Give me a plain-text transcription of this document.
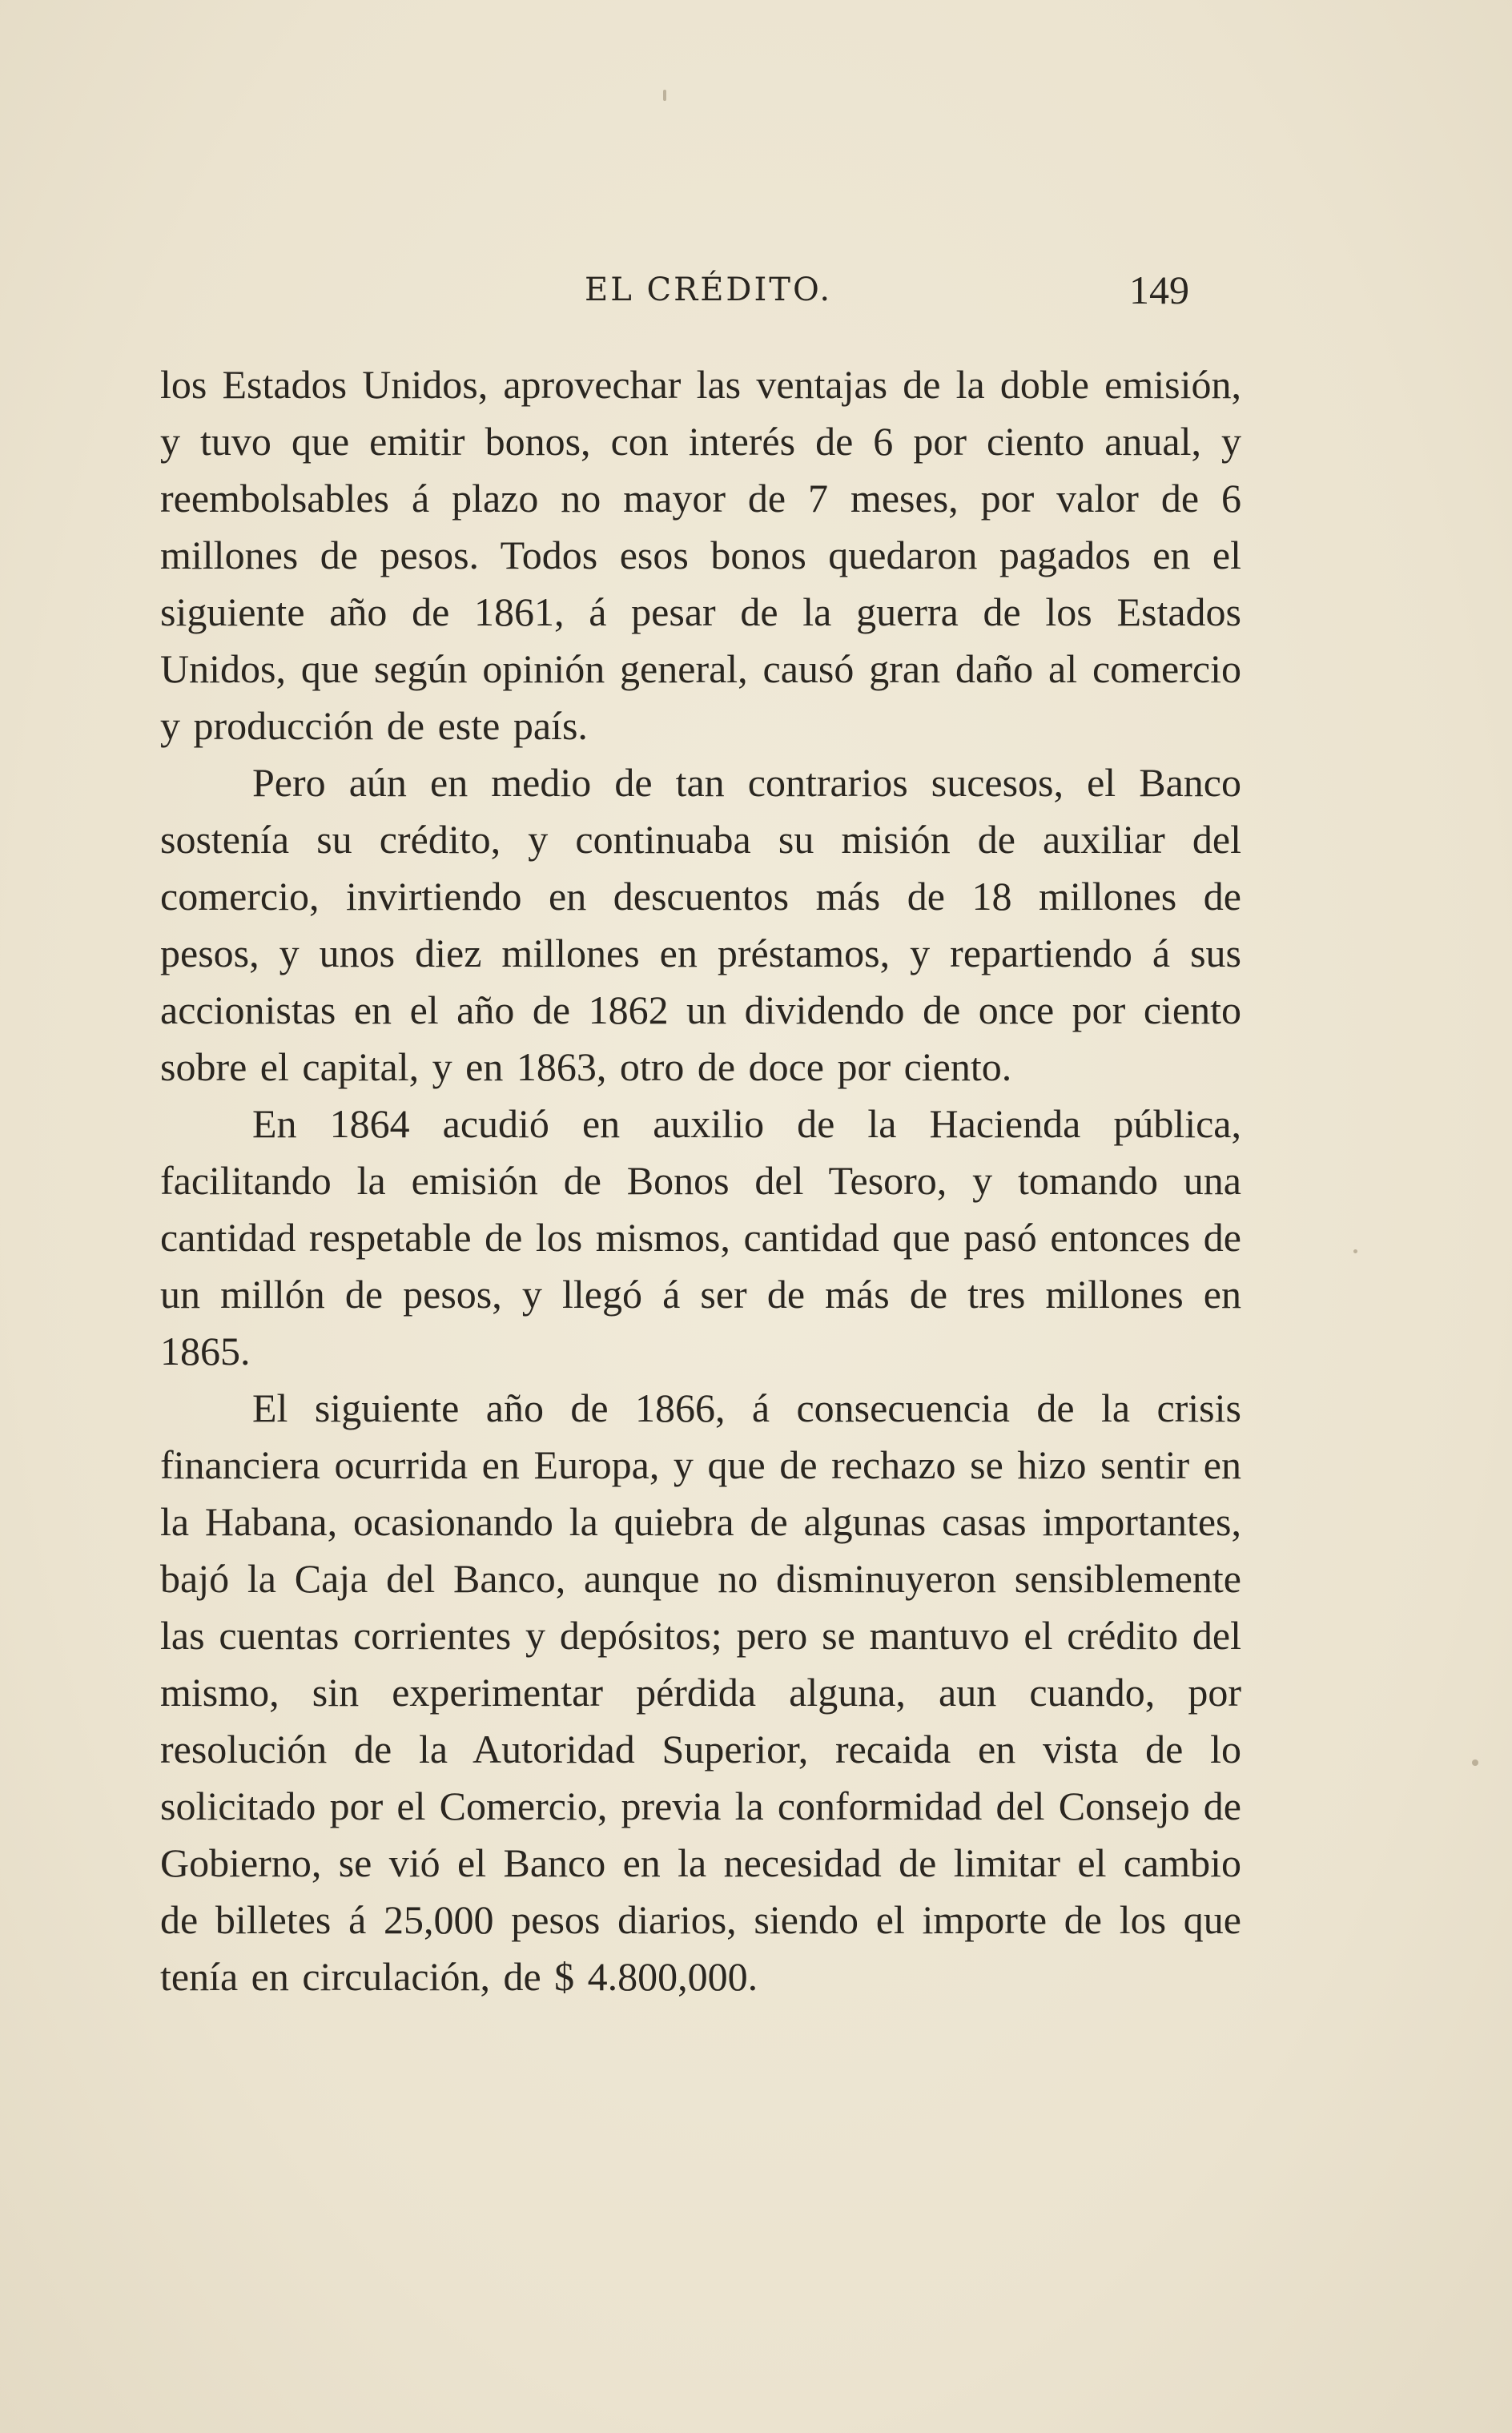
EL CRÉDITO.	149

los Estados Unidos, aprovechar las ventajas de la doble emisión, y tuvo que emitir bonos, con interés de 6 por ciento anual, y reembolsables á plazo no mayor de 7 meses, por valor de 6 millones de pesos. Todos esos bonos quedaron pagados en el siguiente año de 1861, á pesar de la guerra de los Estados Unidos, que según opinión general, causó gran daño al comercio y producción de este país.

Pero aún en medio de tan contrarios sucesos, el Banco sostenía su crédito, y continuaba su misión de auxiliar del comercio, invirtiendo en descuentos más de 18 millones de pesos, y unos diez millones en préstamos, y repartiendo á sus accionistas en el año de 1862 un dividendo de once por ciento sobre el capital, y en 1863, otro de doce por ciento.

En 1864 acudió en auxilio de la Hacienda pública, facilitando la emisión de Bonos del Tesoro, y tomando una cantidad respetable de los mismos, cantidad que pasó entonces de un millón de pesos, y llegó á ser de más de tres millones en 1865.

El siguiente año de 1866, á consecuencia de la crisis financiera ocurrida en Europa, y que de rechazo se hizo sentir en la Habana, ocasionando la quiebra de algunas casas importantes, bajó la Caja del Banco, aunque no disminuyeron sensiblemente las cuentas corrientes y depósitos; pero se mantuvo el crédito del mismo, sin experimentar pérdida alguna, aun cuando, por resolución de la Autoridad Superior, recaida en vista de lo solicitado por el Comercio, previa la conformidad del Consejo de Gobierno, se vió el Banco en la necesidad de limitar el cambio de billetes á 25,000 pesos diarios, siendo el importe de los que tenía en circulación, de $ 4.800,000.
